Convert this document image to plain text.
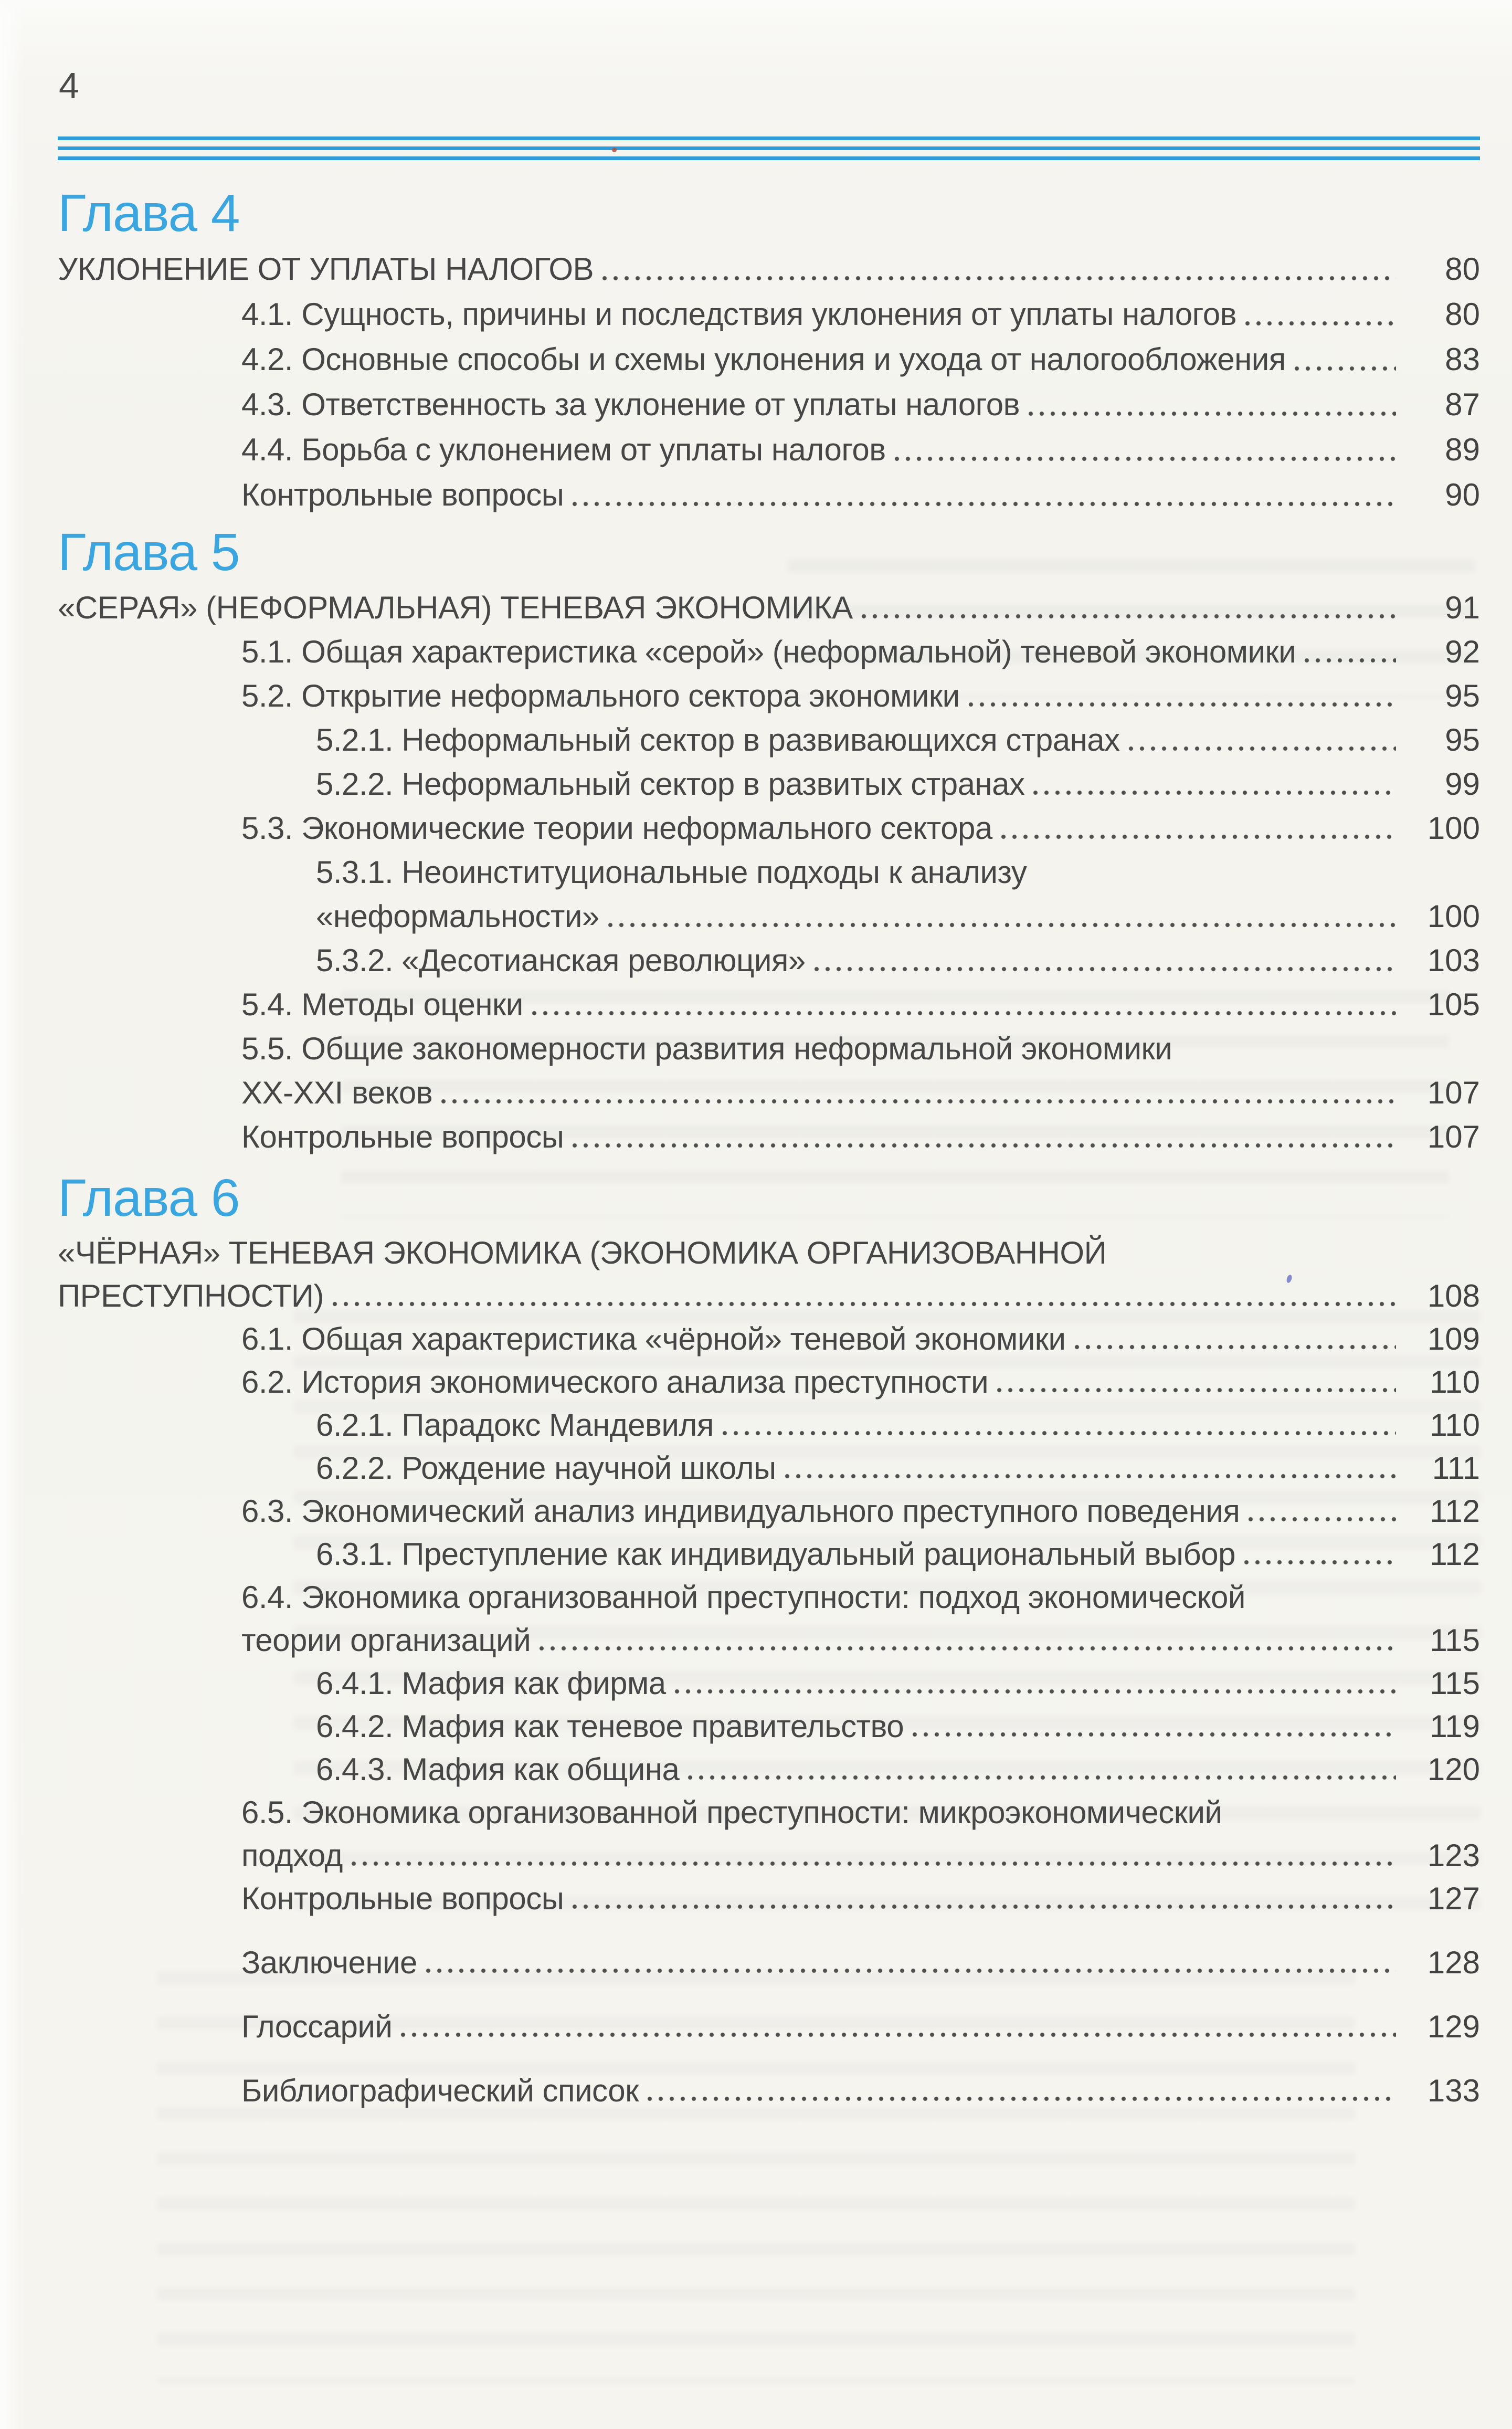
4
Глава 4
УКЛОНЕНИЕ ОТ УПЛАТЫ НАЛОГОВ	80
4.1. Сущность, причины и последствия уклонения от уплаты налогов	80
4.2. Основные способы и схемы уклонения и ухода от налогообложения	83
4.3. Ответственность за уклонение от уплаты налогов	87
4.4. Борьба с уклонением от уплаты налогов	89
Контрольные вопросы	90
Глава 5
«СЕРАЯ» (НЕФОРМАЛЬНАЯ) ТЕНЕВАЯ ЭКОНОМИКА	91
5.1. Общая характеристика «серой» (неформальной) теневой экономики	92
5.2. Открытие неформального сектора экономики	95
5.2.1. Неформальный сектор в развивающихся странах	95
5.2.2. Неформальный сектор в развитых странах	99
5.3. Экономические теории неформального сектора	100
5.3.1. Неоинституциональные подходы к анализу
«неформальности»	100
5.3.2. «Десотианская революция»	103
5.4. Методы оценки	105
5.5. Общие закономерности развития неформальной экономики
XX-XXI веков	107
Контрольные вопросы	107
Глава 6
«ЧЁРНАЯ» ТЕНЕВАЯ ЭКОНОМИКА (ЭКОНОМИКА ОРГАНИЗОВАННОЙ
ПРЕСТУПНОСТИ)	108
6.1. Общая характеристика «чёрной» теневой экономики	109
6.2. История экономического анализа преступности	110
6.2.1. Парадокс Мандевиля	110
6.2.2. Рождение научной школы	111
6.3. Экономический анализ индивидуального преступного поведения	112
6.3.1. Преступление как индивидуальный рациональный выбор	112
6.4. Экономика организованной преступности: подход экономической
теории организаций	115
6.4.1. Мафия как фирма	115
6.4.2. Мафия как теневое правительство	119
6.4.3. Мафия как община	120
6.5. Экономика организованной преступности: микроэкономический
подход	123
Контрольные вопросы	127
Заключение	128
Глоссарий	129
Библиографический список	133
